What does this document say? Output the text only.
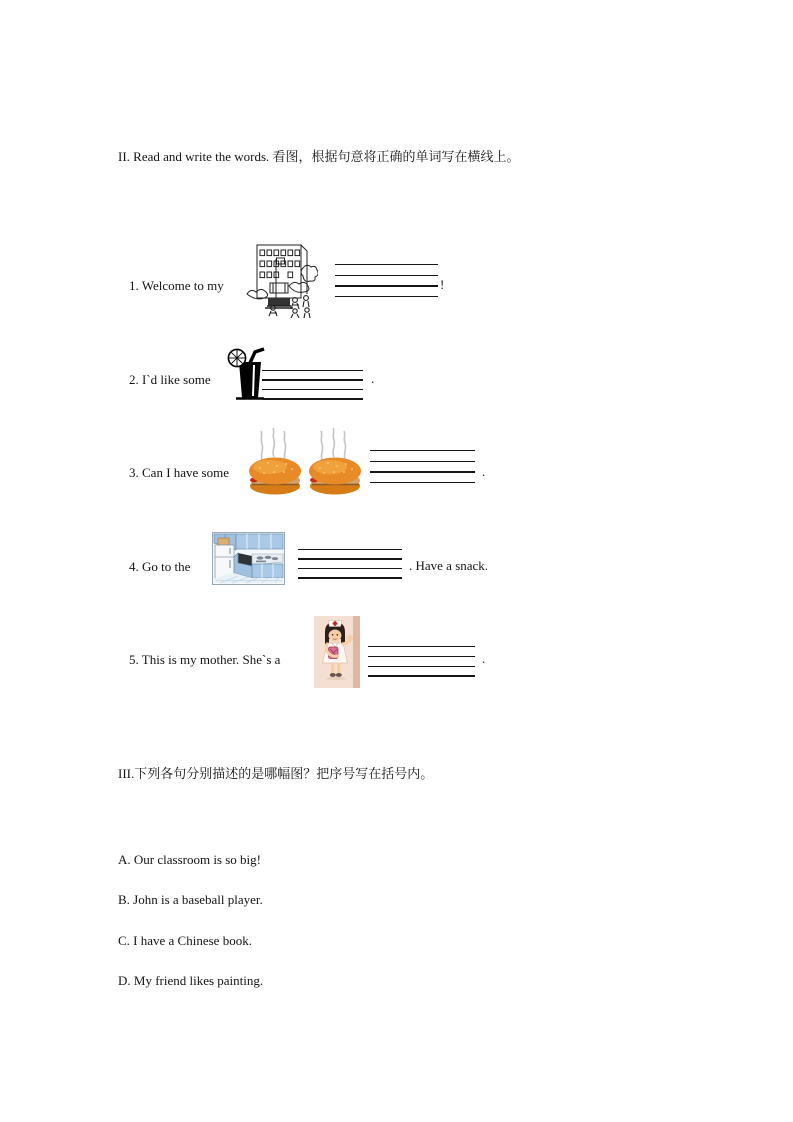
II. Read and write the words. 看图，根据句意将正确的单词写在横线上。
1. Welcome to my	!
2. I`d like some	.
3. Can I have some	.
4. Go to the	. Have a snack.
5. This is my mother. She`s a	.
III.下列各句分别描述的是哪幅图？把序号写在括号内。
A. Our classroom is so big!
B. John is a baseball player.
C. I have a Chinese book.
D. My friend likes painting.
